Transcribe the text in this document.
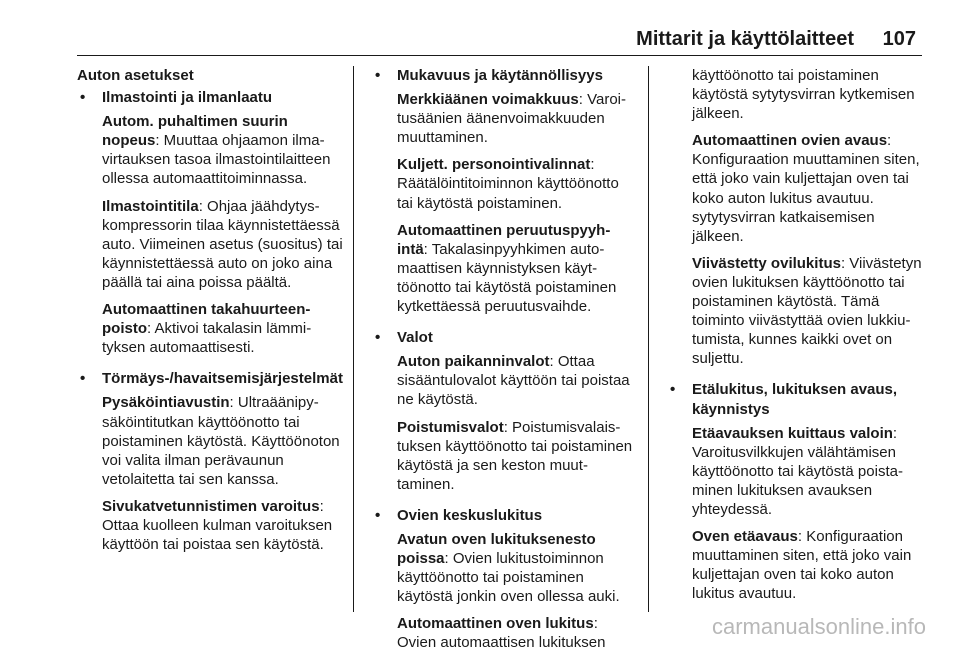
Mittarit ja käyttölaitteet 107
Auton asetukset
• Ilmastointi ja ilmanlaatu
Autom. puhaltimen suurin nopeus: Muuttaa ohjaamon ilmavirtauksen tasoa ilmastointilaitteen ollessa automaattitoiminnassa.
Ilmastointitila: Ohjaa jäähdytyskompressorin tilaa käynnistettäessä auto. Viimeinen asetus (suositus) tai käynnistettäessä auto on joko aina päällä tai aina poissa päältä.
Automaattinen takahuurteenpoisto: Aktivoi takalasin lämmityksen automaattisesti.
• Törmäys-/havaitsemisjärjestelmät
Pysäköintiavustin: Ultraäänipysäköintitutkan käyttöönotto tai poistaminen käytöstä. Käyttöönoton voi valita ilman perävaunun vetolaitetta tai sen kanssa.
Sivukatvetunnistimen varoitus: Ottaa kuolleen kulman varoituksen käyttöön tai poistaa sen käytöstä.
• Mukavuus ja käytännöllisyys
Merkkiäänen voimakkuus: Varoitusäänien äänenvoimakkuuden muuttaminen.
Kuljett. personointivalinnat: Räätälöintitoiminnon käyttöönotto tai käytöstä poistaminen.
Automaattinen peruutuspyyhintä: Takalasinpyyhkimen automaattisen käynnistyksen käyttöönotto tai käytöstä poistaminen kytkettäessä peruutusvaihde.
• Valot
Auton paikanninvalot: Ottaa sisääntulovalot käyttöön tai poistaa ne käytöstä.
Poistumisvalot: Poistumisvalaistuksen käyttöönotto tai poistaminen käytöstä ja sen keston muuttaminen.
• Ovien keskuslukitus
Avatun oven lukituksenesto poissa: Ovien lukitustoiminnon käyttöönotto tai poistaminen käytöstä jonkin oven ollessa auki.
Automaattinen oven lukitus: Ovien automaattisen lukituksen
käyttöönotto tai poistaminen käytöstä sytytysvirran kytkemisen jälkeen.
Automaattinen ovien avaus: Konfiguraation muuttaminen siten, että joko vain kuljettajan oven tai koko auton lukitus avautuu. sytytysvirran katkaisemisen jälkeen.
Viivästetty ovilukitus: Viivästetyn ovien lukituksen käyttöönotto tai poistaminen käytöstä. Tämä toiminto viivästyttää ovien lukkiutumista, kunnes kaikki ovet on suljettu.
• Etälukitus, lukituksen avaus, käynnistys
Etäavauksen kuittaus valoin: Varoitusvilkkujen välähtämisen käyttöönotto tai käytöstä poistaminen lukituksen avauksen yhteydessä.
Oven etäavaus: Konfiguraation muuttaminen siten, että joko vain kuljettajan oven tai koko auton lukitus avautuu.
carmanualsonline.info
